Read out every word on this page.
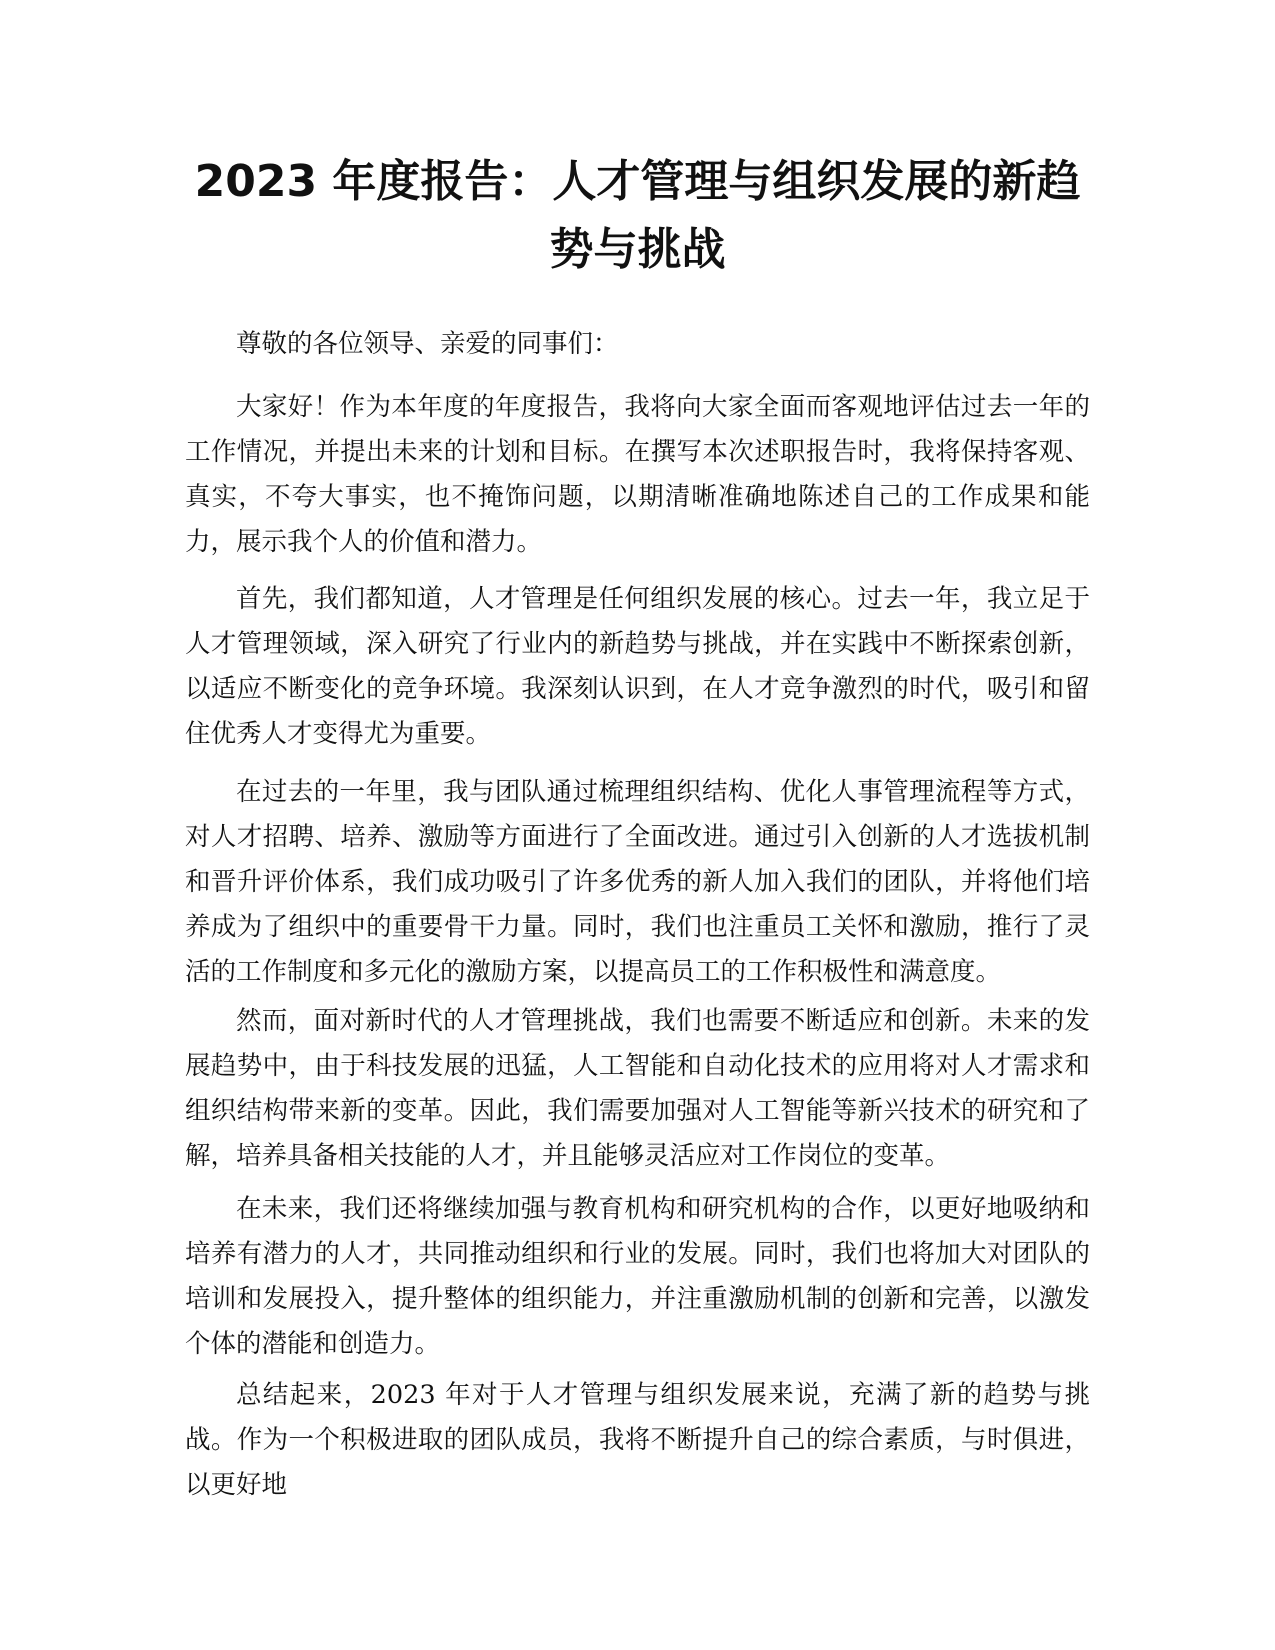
2023 年度报告：人才管理与组织发展的新趋势与挑战

尊敬的各位领导、亲爱的同事们：

大家好！作为本年度的年度报告，我将向大家全面而客观地评估过去一年的工作情况，并提出未来的计划和目标。在撰写本次述职报告时，我将保持客观、真实，不夸大事实，也不掩饰问题，以期清晰准确地陈述自己的工作成果和能力，展示我个人的价值和潜力。

首先，我们都知道，人才管理是任何组织发展的核心。过去一年，我立足于人才管理领域，深入研究了行业内的新趋势与挑战，并在实践中不断探索创新，以适应不断变化的竞争环境。我深刻认识到，在人才竞争激烈的时代，吸引和留住优秀人才变得尤为重要。

在过去的一年里，我与团队通过梳理组织结构、优化人事管理流程等方式，对人才招聘、培养、激励等方面进行了全面改进。通过引入创新的人才选拔机制和晋升评价体系，我们成功吸引了许多优秀的新人加入我们的团队，并将他们培养成为了组织中的重要骨干力量。同时，我们也注重员工关怀和激励，推行了灵活的工作制度和多元化的激励方案，以提高员工的工作积极性和满意度。

然而，面对新时代的人才管理挑战，我们也需要不断适应和创新。未来的发展趋势中，由于科技发展的迅猛，人工智能和自动化技术的应用将对人才需求和组织结构带来新的变革。因此，我们需要加强对人工智能等新兴技术的研究和了解，培养具备相关技能的人才，并且能够灵活应对工作岗位的变革。

在未来，我们还将继续加强与教育机构和研究机构的合作，以更好地吸纳和培养有潜力的人才，共同推动组织和行业的发展。同时，我们也将加大对团队的培训和发展投入，提升整体的组织能力，并注重激励机制的创新和完善，以激发个体的潜能和创造力。

总结起来，2023 年对于人才管理与组织发展来说，充满了新的趋势与挑战。作为一个积极进取的团队成员，我将不断提升自己的综合素质，与时俱进，以更好地
